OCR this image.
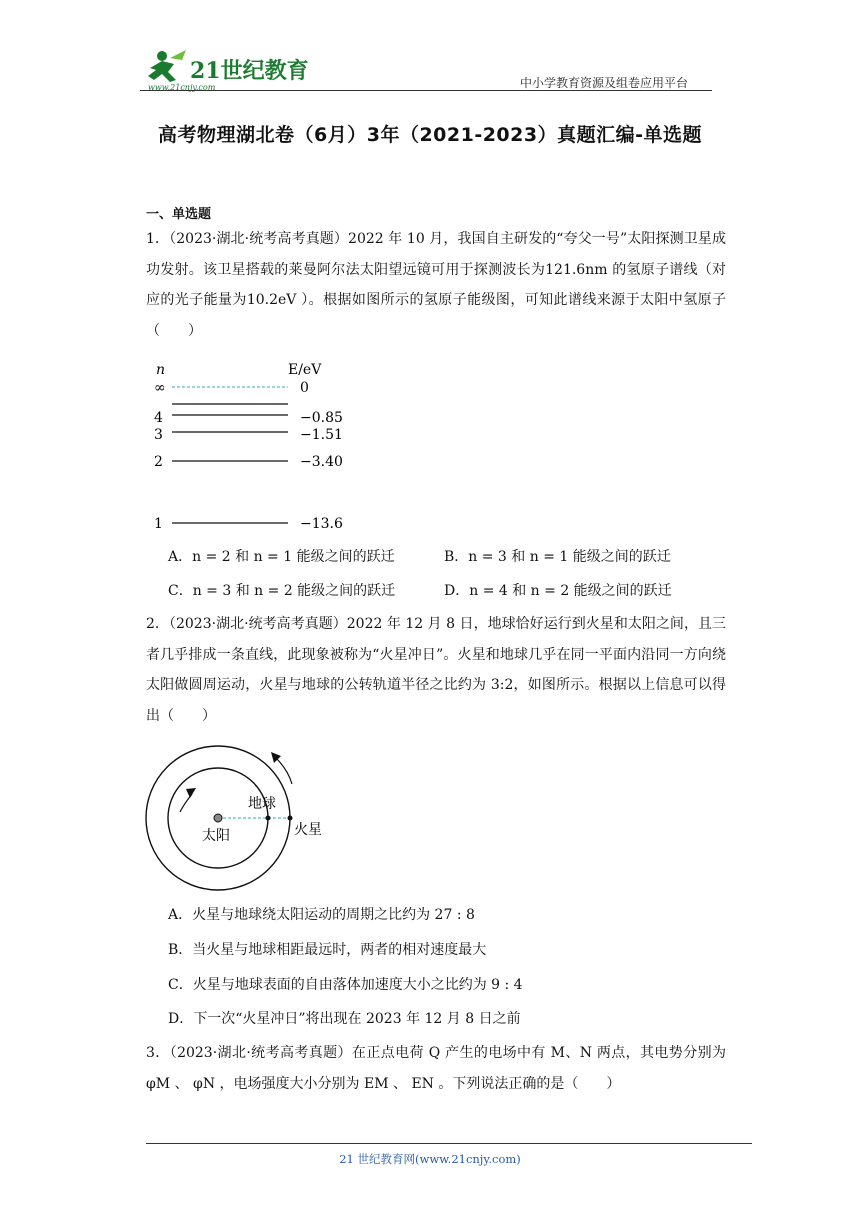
21世纪教育
www.21cnjy.com	中小学教育资源及组卷应用平台
高考物理湖北卷（6月）3年（2021-2023）真题汇编-单选题
一、单选题
1．（2023·湖北·统考高考真题）2022 年 10 月，我国自主研发的“夸父一号”太阳探测卫星成功发射。该卫星搭载的莱曼阿尔法太阳望远镜可用于探测波长为121.6nm 的氢原子谱线（对应的光子能量为10.2eV ）。根据如图所示的氢原子能级图，可知此谱线来源于太阳中氢原子（　　）
n	E/eV
∞	0
4	−0.85
3	−1.51
2	−3.40
1	−13.6
A．n = 2 和 n = 1 能级之间的跃迁	B．n = 3 和 n = 1 能级之间的跃迁
C．n = 3 和 n = 2 能级之间的跃迁	D．n = 4 和 n = 2 能级之间的跃迁
2．（2023·湖北·统考高考真题）2022 年 12 月 8 日，地球恰好运行到火星和太阳之间，且三者几乎排成一条直线，此现象被称为“火星冲日”。火星和地球几乎在同一平面内沿同一方向绕太阳做圆周运动，火星与地球的公转轨道半径之比约为 3:2，如图所示。根据以上信息可以得出（　　）
太阳
地球
火星
A．火星与地球绕太阳运动的周期之比约为 27 : 8
B．当火星与地球相距最远时，两者的相对速度最大
C．火星与地球表面的自由落体加速度大小之比约为 9 : 4
D．下一次“火星冲日”将出现在 2023 年 12 月 8 日之前
3．（2023·湖北·统考高考真题）在正点电荷 Q 产生的电场中有 M、N 两点，其电势分别为 φM 、 φN ，电场强度大小分别为 EM 、 EN 。下列说法正确的是（　　）
21 世纪教育网(www.21cnjy.com)
